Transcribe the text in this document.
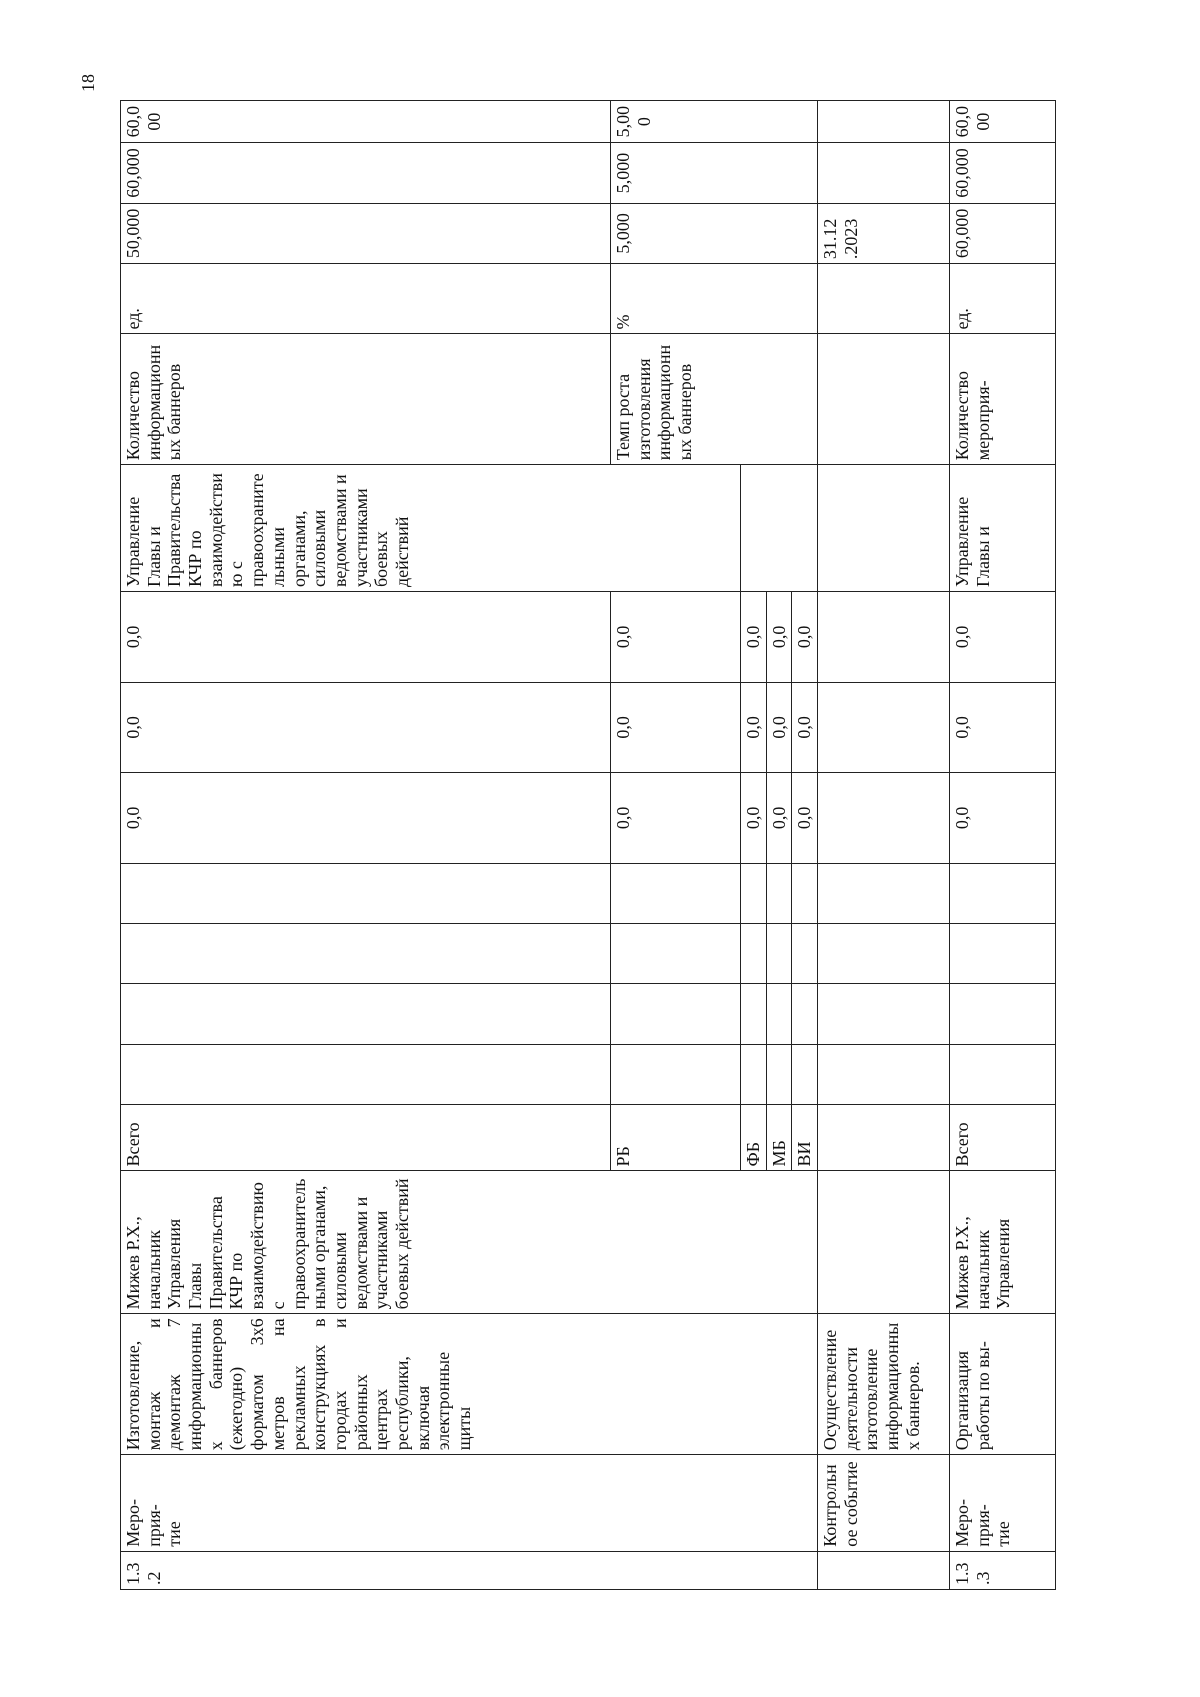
18
1.3
.2	Меро-
прия-
тие	Изготовление, монтаж и демонтаж 7 информационных баннеров (ежегодно) форматом 3х6 метров на рекламных конструкциях в городах и районных центрах республики, включая электронные щиты	Мижев Р.Х., начальник Управления Главы Правительства КЧР по взаимодействию с правоохранительными органами, силовыми ведомствами и участниками боевых действий	Всего					0,0	0,0	0,0	Управление Главы и Правительства КЧР по взаимодействию с правоохранительными органами, силовыми ведомствами и участниками боевых действий	Количество информационных баннеров	ед.	50,000	60,000	60,000
				РБ					0,0	0,0	0,0		Темп роста изготовления информационных баннеров	%	5,000	5,000	5,000
				ФБ					0,0	0,0	0,0						
				МБ					0,0	0,0	0,0						
				ВИ					0,0	0,0	0,0						
	Контрольное событие	Осуществление деятельности изготовление информационных баннеров.													31.12
.2023		
1.3
.3	Меро-
прия-
тие	Организация работы по вы-	Мижев Р.Х., начальник Управления	Всего					0,0	0,0	0,0	Управление Главы и	Количество мероприя-	ед.	60,000	60,000	60,000
